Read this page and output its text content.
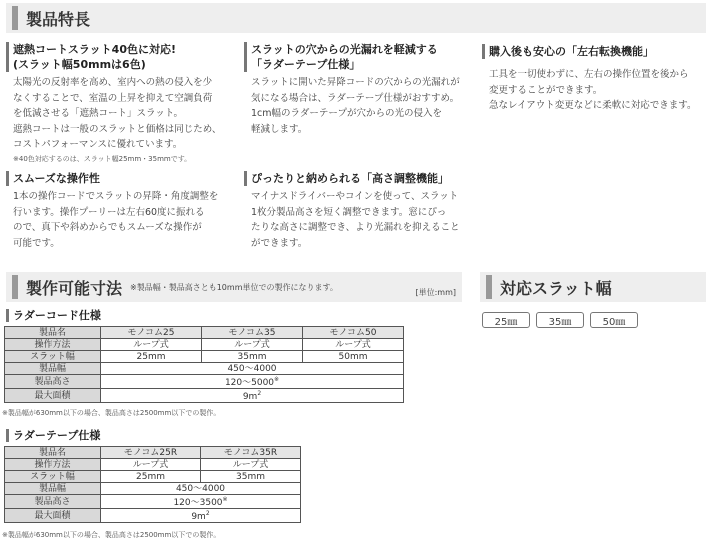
製品特長
遮熱コートスラット40色に対応!
(スラット幅50mmは6色)
太陽光の反射率を高め、室内への熱の侵入を少
なくすることで、室温の上昇を抑えて空調負荷
を低減させる「遮熱コート」スラット。
遮熱コートは一般のスラットと価格は同じため、
コストパフォーマンスに優れています。
※40色対応するのは、スラット幅25mm・35mmです。
スラットの穴からの光漏れを軽減する
「ラダーテープ仕様」
スラットに開いた昇降コードの穴からの光漏れが
気になる場合は、ラダーテープ仕様がおすすめ。
1cm幅のラダーテープが穴からの光の侵入を
軽減します。
購入後も安心の「左右転換機能」
工具を一切使わずに、左右の操作位置を後から
変更することができます。
急なレイアウト変更などに柔軟に対応できます。
スムーズな操作性
1本の操作コードでスラットの昇降・角度調整を
行います。操作プーリーは左右60度に振れる
ので、真下や斜めからでもスムーズな操作が
可能です。
ぴったりと納められる「高さ調整機能」
マイナスドライバーやコインを使って、スラット
1枚分製品高さを短く調整できます。窓にぴっ
たりな高さに調整でき、より光漏れを抑えること
ができます。
製作可能寸法 ※製品幅・製品高さとも10mm単位での製作になります。
[単位:mm]	対応スラット幅
25㎜	35㎜	50㎜
ラダーコード仕様
製品名	モノコム25	モノコム35	モノコム50
操作方法	ループ式	ループ式	ループ式
スラット幅	25mm	35mm	50mm
製品幅	450～4000		
製品高さ	120～5000※
最大面積	$9m^2$
※製品幅が630mm以下の場合、製品高さは2500mm以下での製作。
ラダーテープ仕様
製品名	モノコム25R	モノコム35R
操作方法	ループ式	ループ式
スラット幅	25mm	35mm
製品幅	450～4000	
製品高さ	120～3500※
最大面積	$9m^2$
※製品幅が630mm以下の場合、製品高さは2500mm以下での製作。
